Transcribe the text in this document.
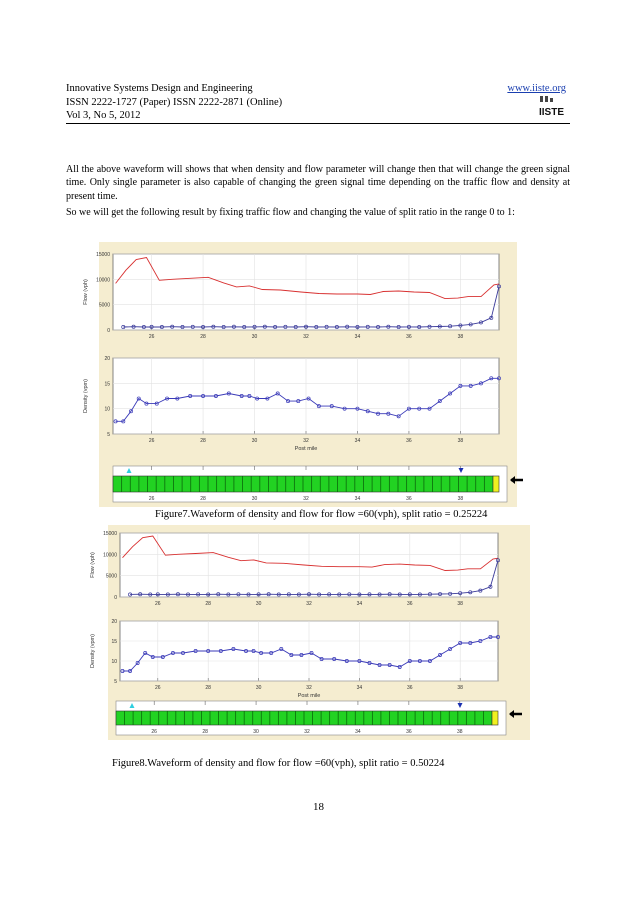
Innovative Systems Design and Engineering
ISSN 2222-1727 (Paper) ISSN 2222-2871 (Online)
Vol 3, No 5, 2012
www.iiste.org
IISTE
All the above waveform will shows that when density and flow parameter will change then that will change the green signal time. Only single parameter is also capable of changing the green signal time depending on the traffic flow and density at present time.
So we will get the following result by fixing traffic flow and changing the value of split ratio in the range 0 to 1:
26	28	30	32	34	36	38
0
5000
10000
15000
Flow (vph)
26	28	30	32	34	36	38
5
10
15
20
Density (vpm)
Post mile
26	28	30	32	34	36	38
Figure7.Waveform of density and flow for flow =60(vph), split ratio = 0.25224
26	28	30	32	34	36	38
0
5000
10000
15000
Flow (vph)
26	28	30	32	34	36	38
5
10
15
20
Density (vpm)
Post mile
26	28	30	32	34	36	38
Figure8.Waveform of density and flow for flow =60(vph), split ratio = 0.50224
18
